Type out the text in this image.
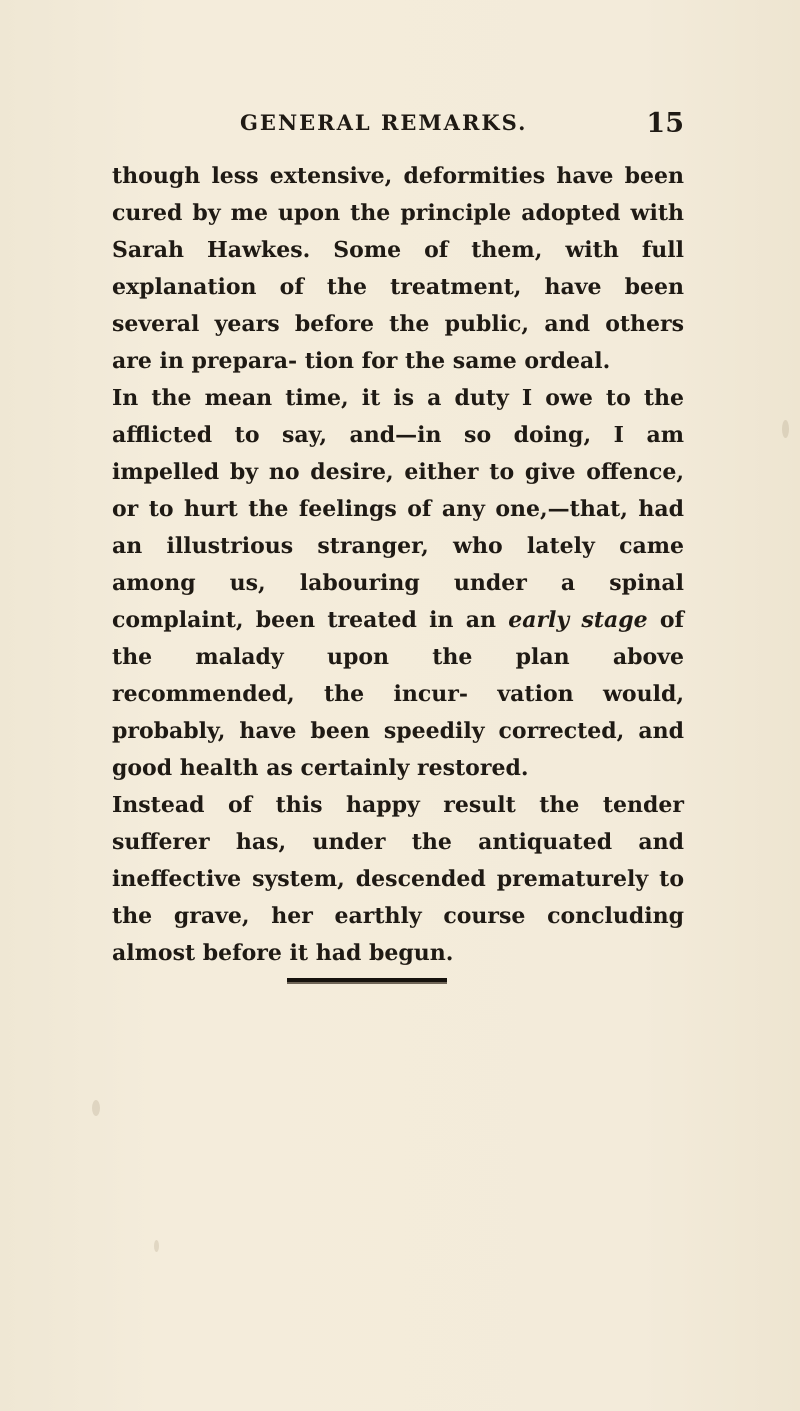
GENERAL REMARKS.	15

though less extensive, deformities have been cured by me upon the principle adopted with Sarah Hawkes. Some of them, with full explanation of the treatment, have been several years before the public, and others are in prepara- tion for the same ordeal.

In the mean time, it is a duty I owe to the afflicted to say, and—in so doing, I am impelled by no desire, either to give offence, or to hurt the feelings of any one,—that, had an illustrious stranger, who lately came among us, labouring under a spinal complaint, been treated in an early stage of the malady upon the plan above recommended, the incur- vation would, probably, have been speedily corrected, and good health as certainly restored.

Instead of this happy result the tender sufferer has, under the antiquated and ineffective system, descended prematurely to the grave, her earthly course concluding almost before it had begun.
